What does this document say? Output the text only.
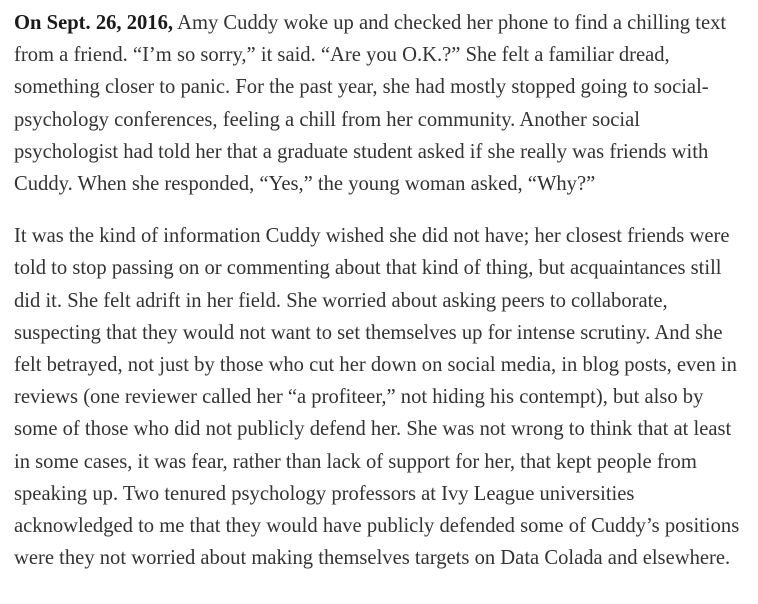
On Sept. 26, 2016, Amy Cuddy woke up and checked her phone to find a chilling text from a friend. “I’m so sorry,” it said. “Are you O.K.?” She felt a familiar dread, something closer to panic. For the past year, she had mostly stopped going to social-psychology conferences, feeling a chill from her community. Another social psychologist had told her that a graduate student asked if she really was friends with Cuddy. When she responded, “Yes,” the young woman asked, “Why?”

It was the kind of information Cuddy wished she did not have; her closest friends were told to stop passing on or commenting about that kind of thing, but acquaintances still did it. She felt adrift in her field. She worried about asking peers to collaborate, suspecting that they would not want to set themselves up for intense scrutiny. And she felt betrayed, not just by those who cut her down on social media, in blog posts, even in reviews (one reviewer called her “a profiteer,” not hiding his contempt), but also by some of those who did not publicly defend her. She was not wrong to think that at least in some cases, it was fear, rather than lack of support for her, that kept people from speaking up. Two tenured psychology professors at Ivy League universities acknowledged to me that they would have publicly defended some of Cuddy’s positions were they not worried about making themselves targets on Data Colada and elsewhere.
